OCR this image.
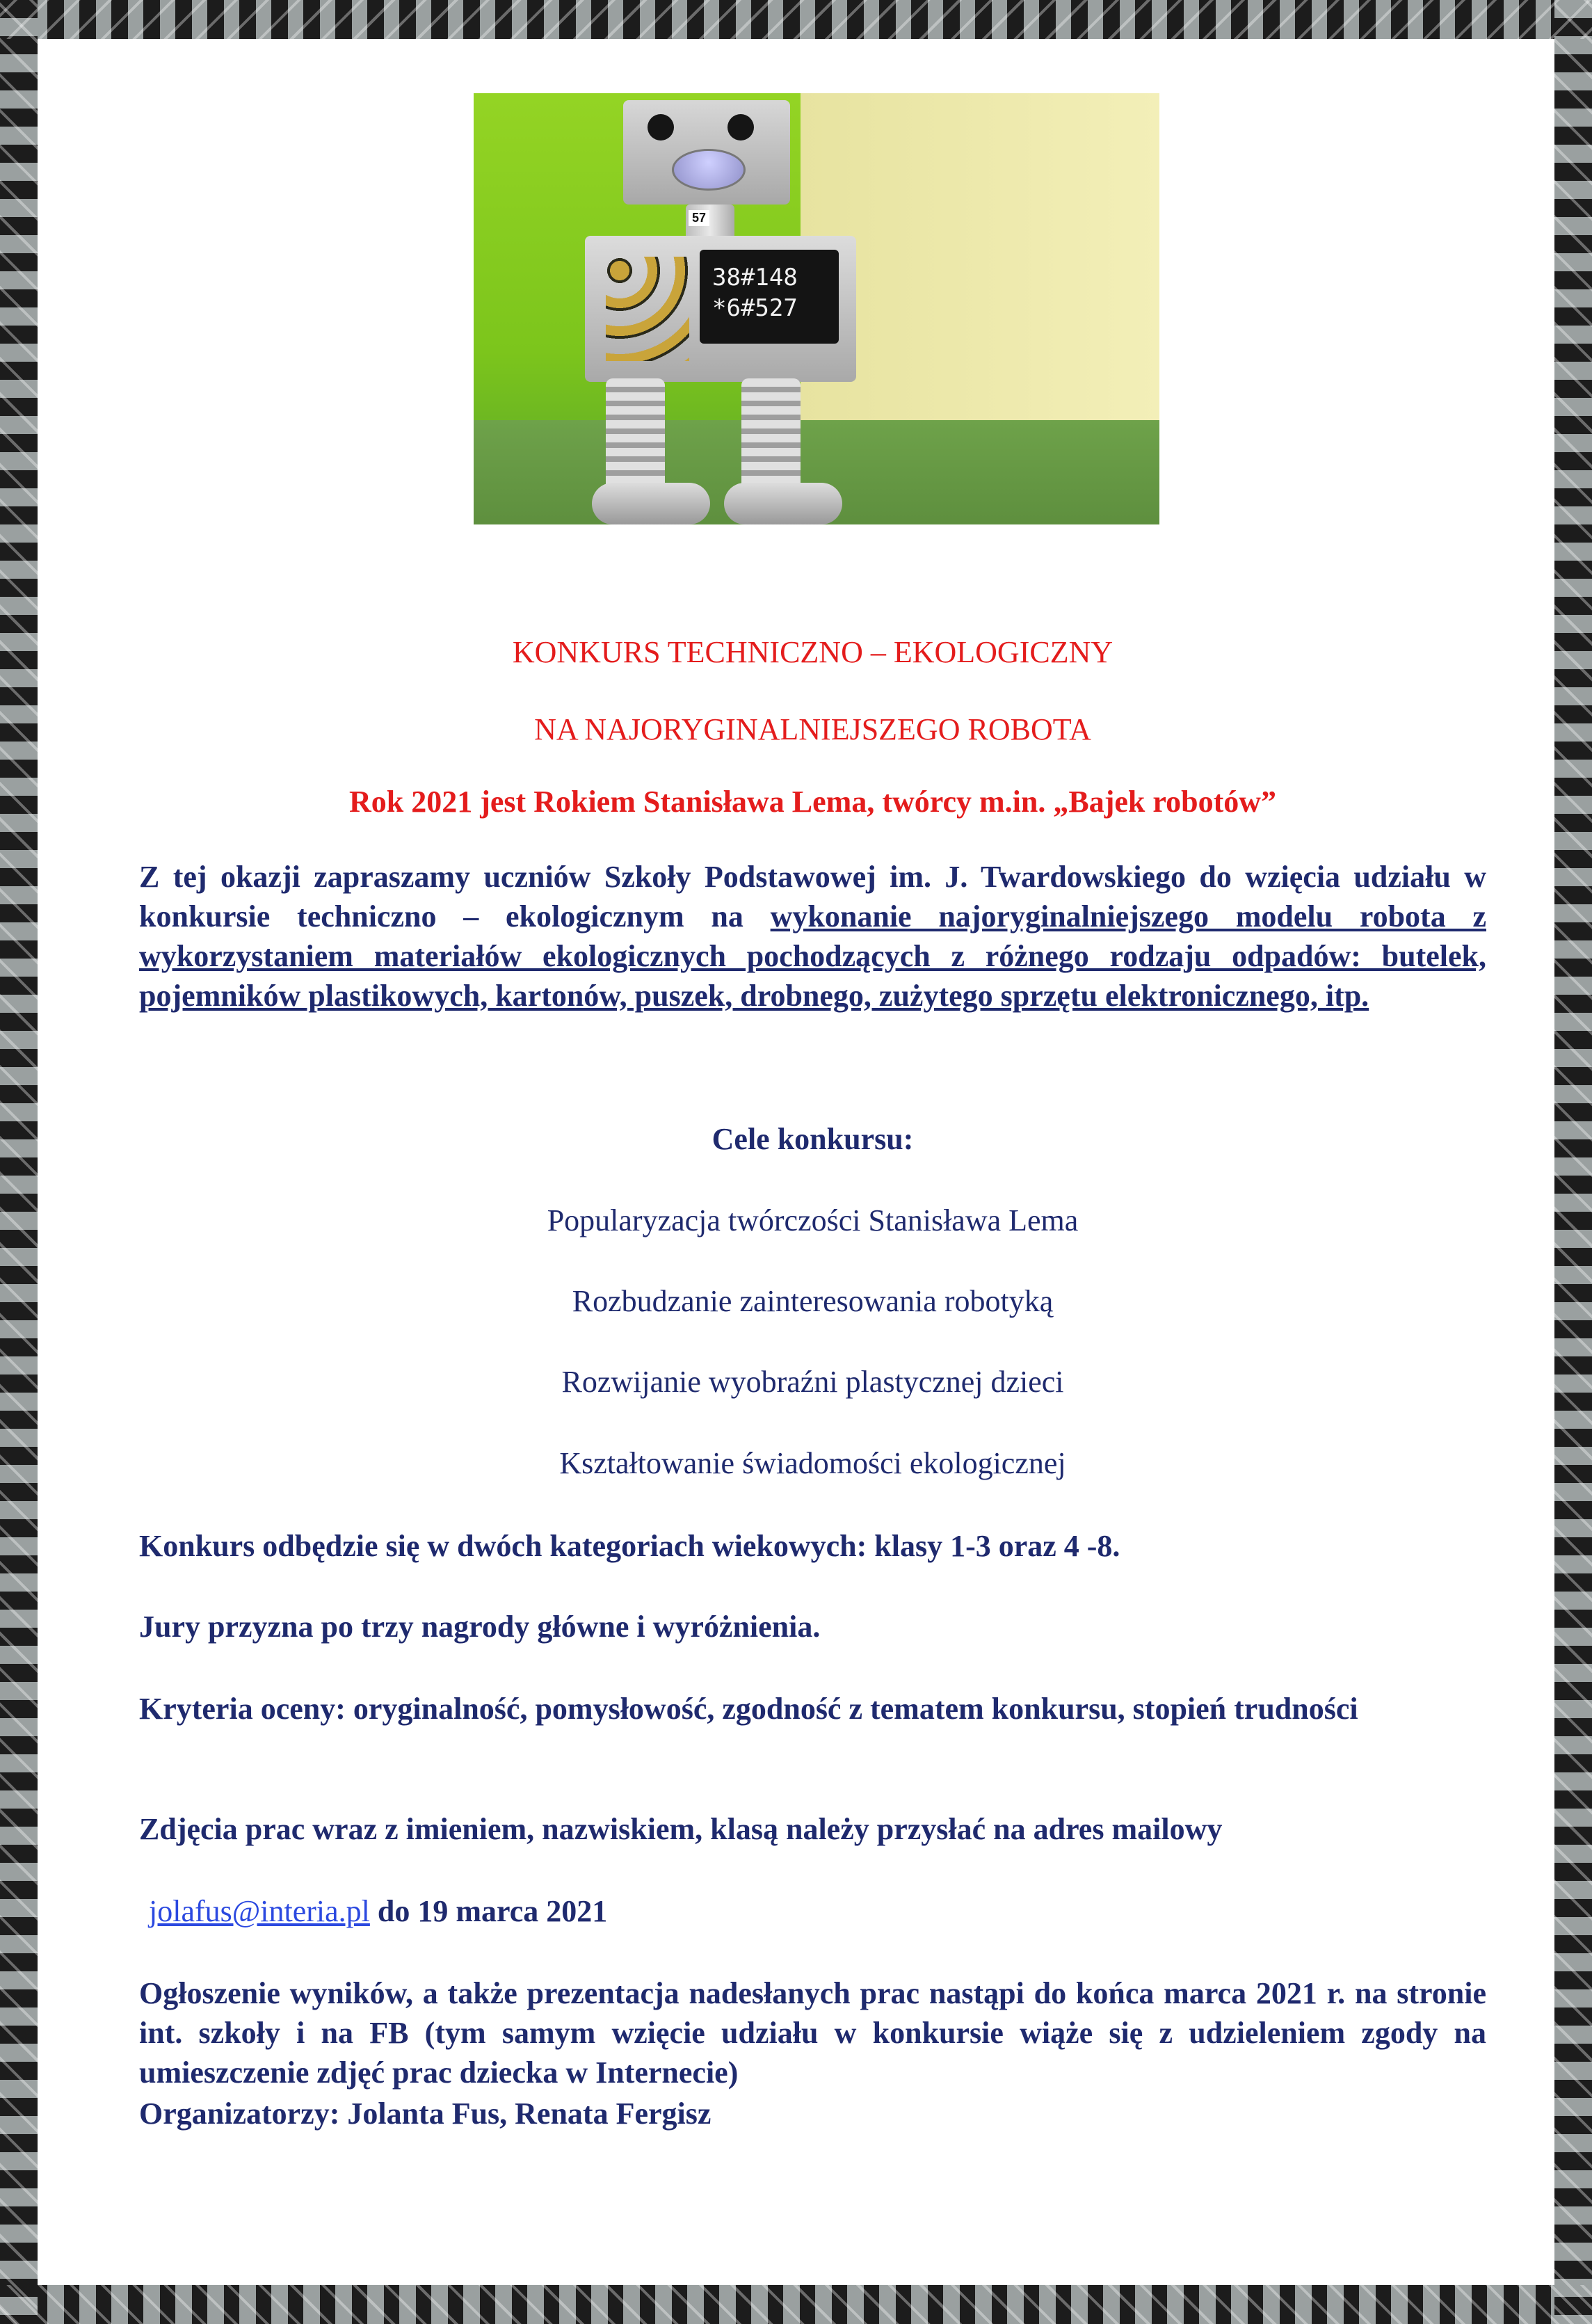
57
38#148
*6#527
KONKURS TECHNICZNO – EKOLOGICZNY
NA NAJORYGINALNIEJSZEGO ROBOTA
Rok 2021 jest Rokiem Stanisława Lema, twórcy m.in. „Bajek robotów”
Z tej okazji zapraszamy uczniów Szkoły Podstawowej im. J. Twardowskiego do wzięcia udziału w konkursie techniczno – ekologicznym na wykonanie najoryginalniejszego modelu robota z wykorzystaniem materiałów ekologicznych pochodzących z różnego rodzaju odpadów: butelek, pojemników plastikowych, kartonów, puszek, drobnego, zużytego sprzętu elektronicznego, itp.
Cele konkursu:
Popularyzacja twórczości Stanisława Lema
Rozbudzanie zainteresowania robotyką
Rozwijanie wyobraźni plastycznej dzieci
Kształtowanie świadomości ekologicznej
Konkurs odbędzie się w dwóch kategoriach wiekowych: klasy 1-3 oraz 4 -8.
Jury przyzna po trzy nagrody główne i wyróżnienia.
Kryteria oceny: oryginalność, pomysłowość, zgodność z tematem konkursu, stopień trudności
Zdjęcia prac wraz z imieniem, nazwiskiem, klasą należy przysłać na adres mailowy
jolafus@interia.pl do 19 marca 2021
Ogłoszenie wyników, a także prezentacja nadesłanych prac nastąpi do końca marca 2021 r. na stronie int. szkoły i na FB (tym samym wzięcie udziału w konkursie wiąże się z udzieleniem zgody na umieszczenie zdjęć prac dziecka w Internecie)
Organizatorzy: Jolanta Fus, Renata Fergisz
